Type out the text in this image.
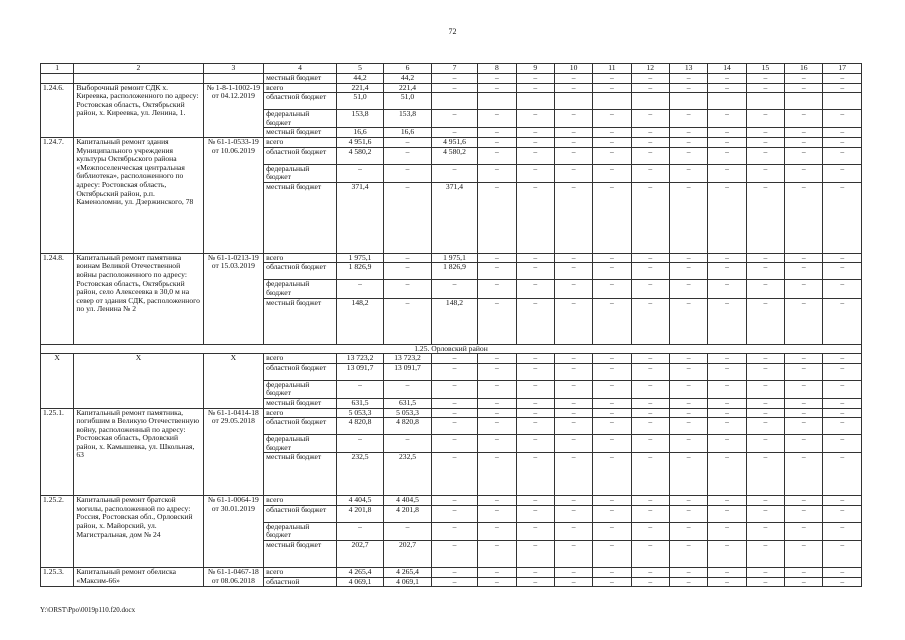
72
1	2	3	4	5	6	7	8	9	10	11	12	13	14	15	16	17
			местный бюджет	44,2	44,2	–	–	–	–	–	–	–	–	–	–	–
1.24.6.	Выборочный ремонт СДК х. Киреевка, расположенного по адресу: Ростовская область, Октябрьский район, х. Киреевка, ул. Ленина, 1.	№ 1-8-1-1002-19 от 04.12.2019	всего	221,4	221,4	–	–	–	–	–	–	–	–	–	–	–
			областной бюджет	51,0	51,0											
			федеральный бюджет	153,8	153,8	–	–	–	–	–	–	–	–	–	–	–
			местный бюджет	16,6	16,6	–	–	–	–	–	–	–	–	–	–	–
1.24.7.	Капитальный ремонт здания Муниципального учреждения культуры Октябрьского района «Межпоселенческая центральная библиотека», расположенного по адресу: Ростовская область, Октябрьский район, р.п. Каменоломни, ул. Дзержинского, 78	№ 61-1-0533-19 от 10.06.2019	всего	4 951,6	–	4 951,6	–	–	–	–	–	–	–	–	–	–
			областной бюджет	4 580,2	–	4 580,2	–	–	–	–	–	–	–	–	–	–
			федеральный бюджет	–	–	–	–	–	–	–	–	–	–	–	–	–
			местный бюджет	371,4	–	371,4	–	–	–	–	–	–	–	–	–	–
1.24.8.	Капитальный ремонт памятника воинам Великой Отечественной войны расположенного по адресу: Ростовская область, Октябрьский район, село Алексеевка в 30,0 м на север от здания СДК, расположенного по ул. Ленина № 2	№ 61-1-0213-19 от 15.03.2019	всего	1 975,1	–	1 975,1	–	–	–	–	–	–	–	–	–	–
			областной бюджет	1 826,9	–	1 826,9	–	–	–	–	–	–	–	–	–	–
			федеральный бюджет	–	–	–	–	–	–	–	–	–	–	–	–	–
			местный бюджет	148,2	–	148,2	–	–	–	–	–	–	–	–	–	–
1.25. Орловский район																
X	X	X	всего	13 723,2	13 723,2	–	–	–	–	–	–	–	–	–	–	–
			областной бюджет	13 091,7	13 091,7	–	–	–	–	–	–	–	–	–	–	–
			федеральный бюджет	–	–	–	–	–	–	–	–	–	–	–	–	–
			местный бюджет	631,5	631,5	–	–	–	–	–	–	–	–	–	–	–
1.25.1.	Капитальный ремонт памятника, погибшим в Великую Отечественную войну, расположенный по адресу: Ростовская область, Орловский район, х. Камышевка, ул. Школьная, 63	№ 61-1-0414-18 от 29.05.2018	всего	5 053,3	5 053,3	–	–	–	–	–	–	–	–	–	–	–
			областной бюджет	4 820,8	4 820,8	–	–	–	–	–	–	–	–	–	–	–
			федеральный бюджет	–	–	–	–	–	–	–	–	–	–	–	–	–
			местный бюджет	232,5	232,5	–	–	–	–	–	–	–	–	–	–	–
1.25.2.	Капитальный ремонт братской могилы, расположенной по адресу: Россия, Ростовская обл., Орловский район, х. Майорский, ул. Магистральная, дом № 24	№ 61-1-0064-19 от 30.01.2019	всего	4 404,5	4 404,5	–	–	–	–	–	–	–	–	–	–	–
			областной бюджет	4 201,8	4 201,8	–	–	–	–	–	–	–	–	–	–	–
			федеральный бюджет	–	–	–	–	–	–	–	–	–	–	–	–	–
			местный бюджет	202,7	202,7	–	–	–	–	–	–	–	–	–	–	–
1.25.3.	Капитальный ремонт обелиска «Максим-66»	№ 61-1-0467-18 от 08.06.2018	всего	4 265,4	4 265,4	–	–	–	–	–	–	–	–	–	–	–
			областной	4 069,1	4 069,1	–	–	–	–	–	–	–	–	–	–	–
Y:\ORST\Ppo\0019p110.f20.docx
